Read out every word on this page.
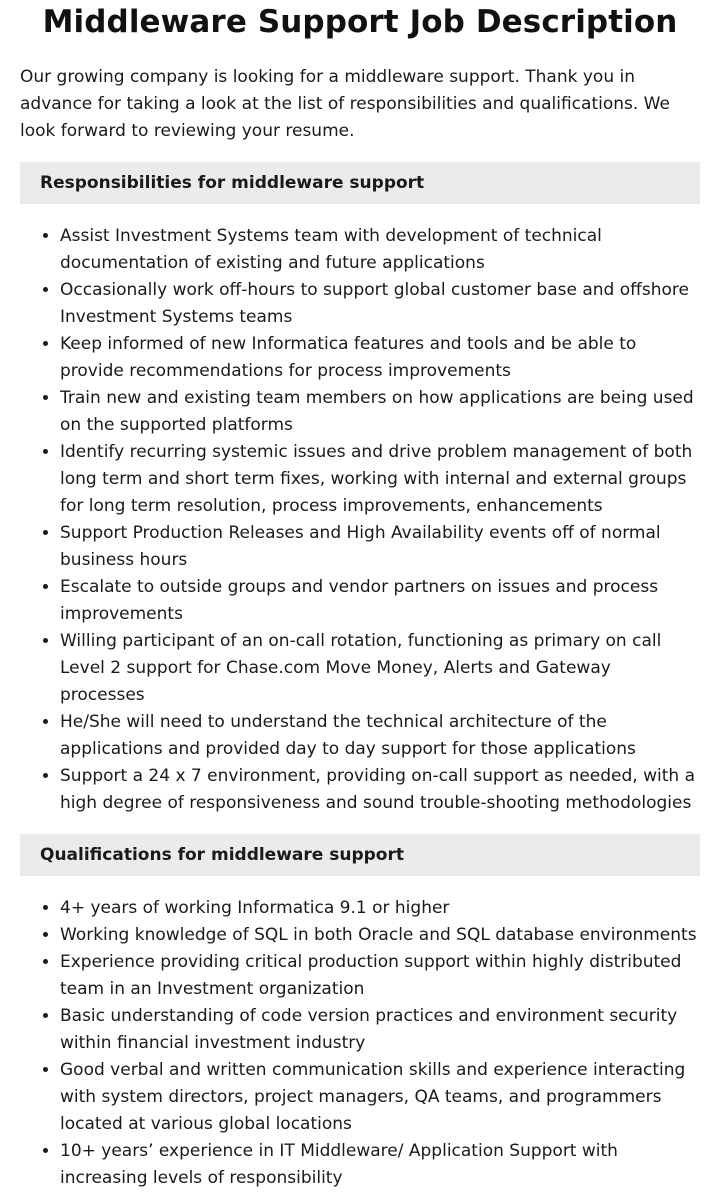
Middleware Support Job Description

Our growing company is looking for a middleware support. Thank you in advance for taking a look at the list of responsibilities and qualifications. We look forward to reviewing your resume.

Responsibilities for middleware support
• Assist Investment Systems team with development of technical documentation of existing and future applications
• Occasionally work off-hours to support global customer base and offshore Investment Systems teams
• Keep informed of new Informatica features and tools and be able to provide recommendations for process improvements
• Train new and existing team members on how applications are being used on the supported platforms
• Identify recurring systemic issues and drive problem management of both long term and short term fixes, working with internal and external groups for long term resolution, process improvements, enhancements
• Support Production Releases and High Availability events off of normal business hours
• Escalate to outside groups and vendor partners on issues and process improvements
• Willing participant of an on-call rotation, functioning as primary on call Level 2 support for Chase.com Move Money, Alerts and Gateway processes
• He/She will need to understand the technical architecture of the applications and provided day to day support for those applications
• Support a 24 x 7 environment, providing on-call support as needed, with a high degree of responsiveness and sound trouble-shooting methodologies
Qualifications for middleware support
• 4+ years of working Informatica 9.1 or higher
• Working knowledge of SQL in both Oracle and SQL database environments
• Experience providing critical production support within highly distributed team in an Investment organization
• Basic understanding of code version practices and environment security within financial investment industry
• Good verbal and written communication skills and experience interacting with system directors, project managers, QA teams, and programmers located at various global locations
• 10+ years’ experience in IT Middleware/ Application Support with increasing levels of responsibility
